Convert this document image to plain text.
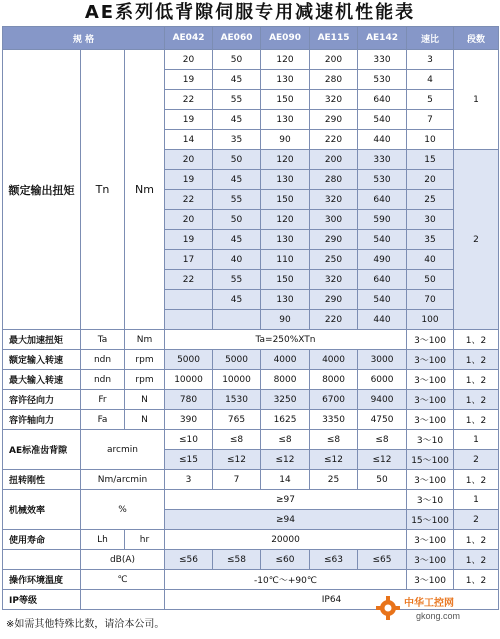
AE系列低背隙伺服专用减速机性能表
规 格			AE042	AE060	AE090	AE115	AE142	速比	段数
额定输出扭矩	Tn	Nm	20	50	120	200	330	3	1
			19	45	130	280	530	4	
			22	55	150	320	640	5	
			19	45	130	290	540	7	
			14	35	90	220	440	10	
			20	50	120	200	330	15	2
			19	45	130	280	530	20	
			22	55	150	320	640	25	
			20	50	120	300	590	30	
			19	45	130	290	540	35	
			17	40	110	250	490	40	
			22	55	150	320	640	50	
				45	130	290	540	70	
					90	220	440	100	
最大加速扭矩	Ta	Nm	Ta=250%XTn					3～100	1、2
额定输入转速	ndn	rpm	5000	5000	4000	4000	3000	3～100	1、2
最大输入转速	ndn	rpm	10000	10000	8000	8000	6000	3～100	1、2
容许径向力	Fr	N	780	1530	3250	6700	9400	3～100	1、2
容许轴向力	Fa	N	390	765	1625	3350	4750	3～100	1、2
AE标准齿背隙	arcmin		≤10	≤8	≤8	≤8	≤8	3～10	1
			≤15	≤12	≤12	≤12	≤12	15～100	2
扭转刚性	Nm/arcmin		3	7	14	25	50	3～100	1、2
机械效率	%		≥97					3～10	1
			≥94					15～100	2
使用寿命	Lh	hr	20000					3～100	1、2
	dB(A)		≤56	≤58	≤60	≤63	≤65	3～100	1、2
操作环境温度	℃		-10℃～+90℃					3～100	1、2
IP等级			IP64						
※如需其他特殊比数，请洽本公司。
中华工控网
gkong.com
